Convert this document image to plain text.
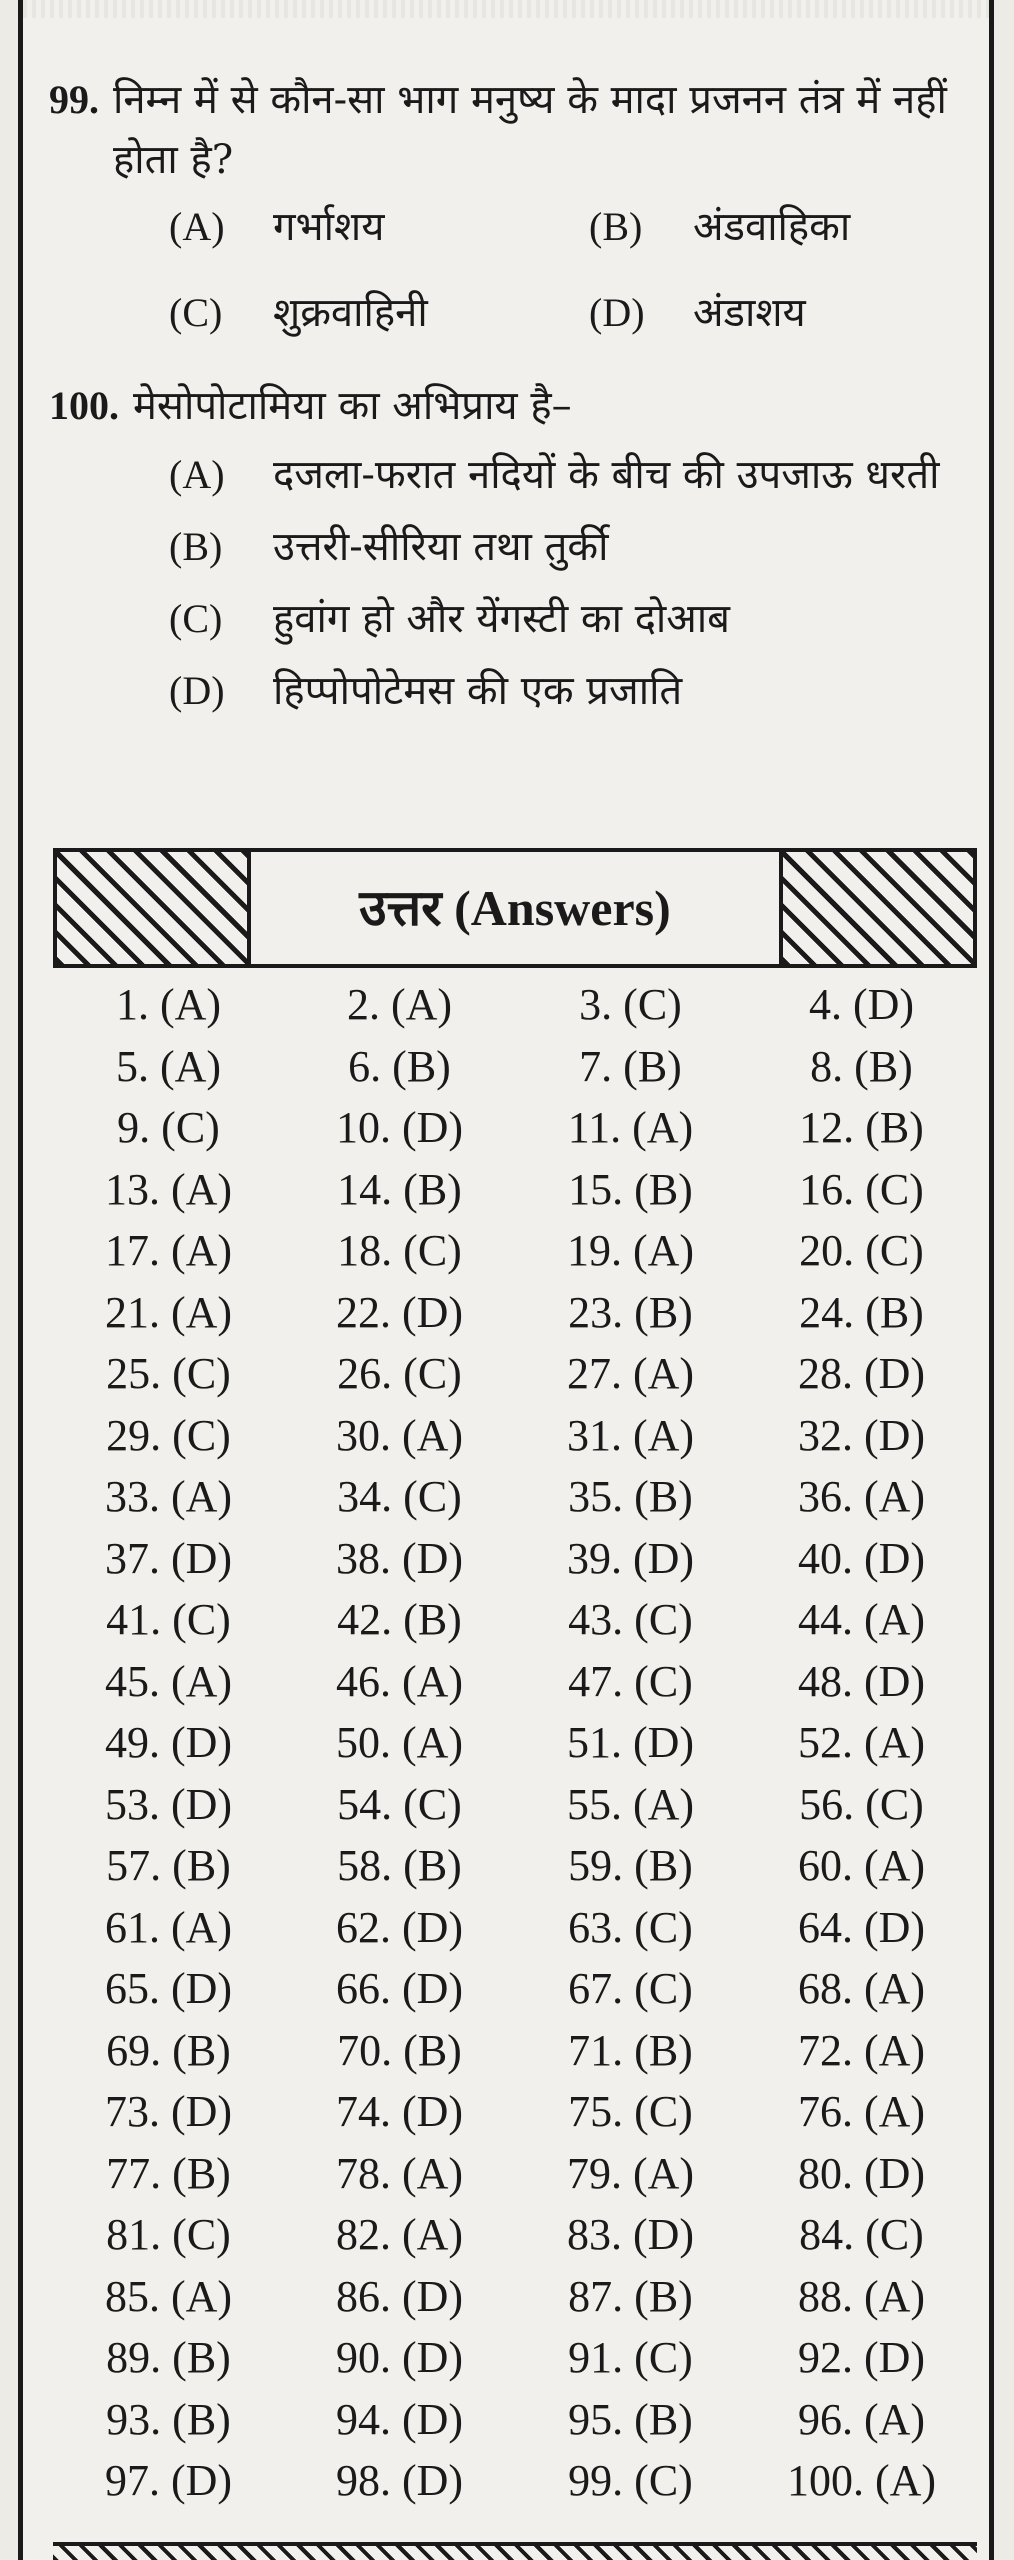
99. निम्न में से कौन-सा भाग मनुष्य के मादा प्रजनन तंत्र में नहीं होता है?
(A)	गर्भाशय	(B)	अंडवाहिका
(C)	शुक्रवाहिनी	(D)	अंडाशय
100. मेसोपोटामिया का अभिप्राय है–
(A)	दजला-फरात नदियों के बीच की उपजाऊ धरती
(B)	उत्तरी-सीरिया तथा तुर्की
(C)	हुवांग हो और येंगस्टी का दोआब
(D)	हिप्पोपोटेमस की एक प्रजाति
उत्तर (Answers)
1. (A)	2. (A)	3. (C)	4. (D)
5. (A)	6. (B)	7. (B)	8. (B)
9. (C)	10. (D)	11. (A)	12. (B)
13. (A)	14. (B)	15. (B)	16. (C)
17. (A)	18. (C)	19. (A)	20. (C)
21. (A)	22. (D)	23. (B)	24. (B)
25. (C)	26. (C)	27. (A)	28. (D)
29. (C)	30. (A)	31. (A)	32. (D)
33. (A)	34. (C)	35. (B)	36. (A)
37. (D)	38. (D)	39. (D)	40. (D)
41. (C)	42. (B)	43. (C)	44. (A)
45. (A)	46. (A)	47. (C)	48. (D)
49. (D)	50. (A)	51. (D)	52. (A)
53. (D)	54. (C)	55. (A)	56. (C)
57. (B)	58. (B)	59. (B)	60. (A)
61. (A)	62. (D)	63. (C)	64. (D)
65. (D)	66. (D)	67. (C)	68. (A)
69. (B)	70. (B)	71. (B)	72. (A)
73. (D)	74. (D)	75. (C)	76. (A)
77. (B)	78. (A)	79. (A)	80. (D)
81. (C)	82. (A)	83. (D)	84. (C)
85. (A)	86. (D)	87. (B)	88. (A)
89. (B)	90. (D)	91. (C)	92. (D)
93. (B)	94. (D)	95. (B)	96. (A)
97. (D)	98. (D)	99. (C)	100. (A)
